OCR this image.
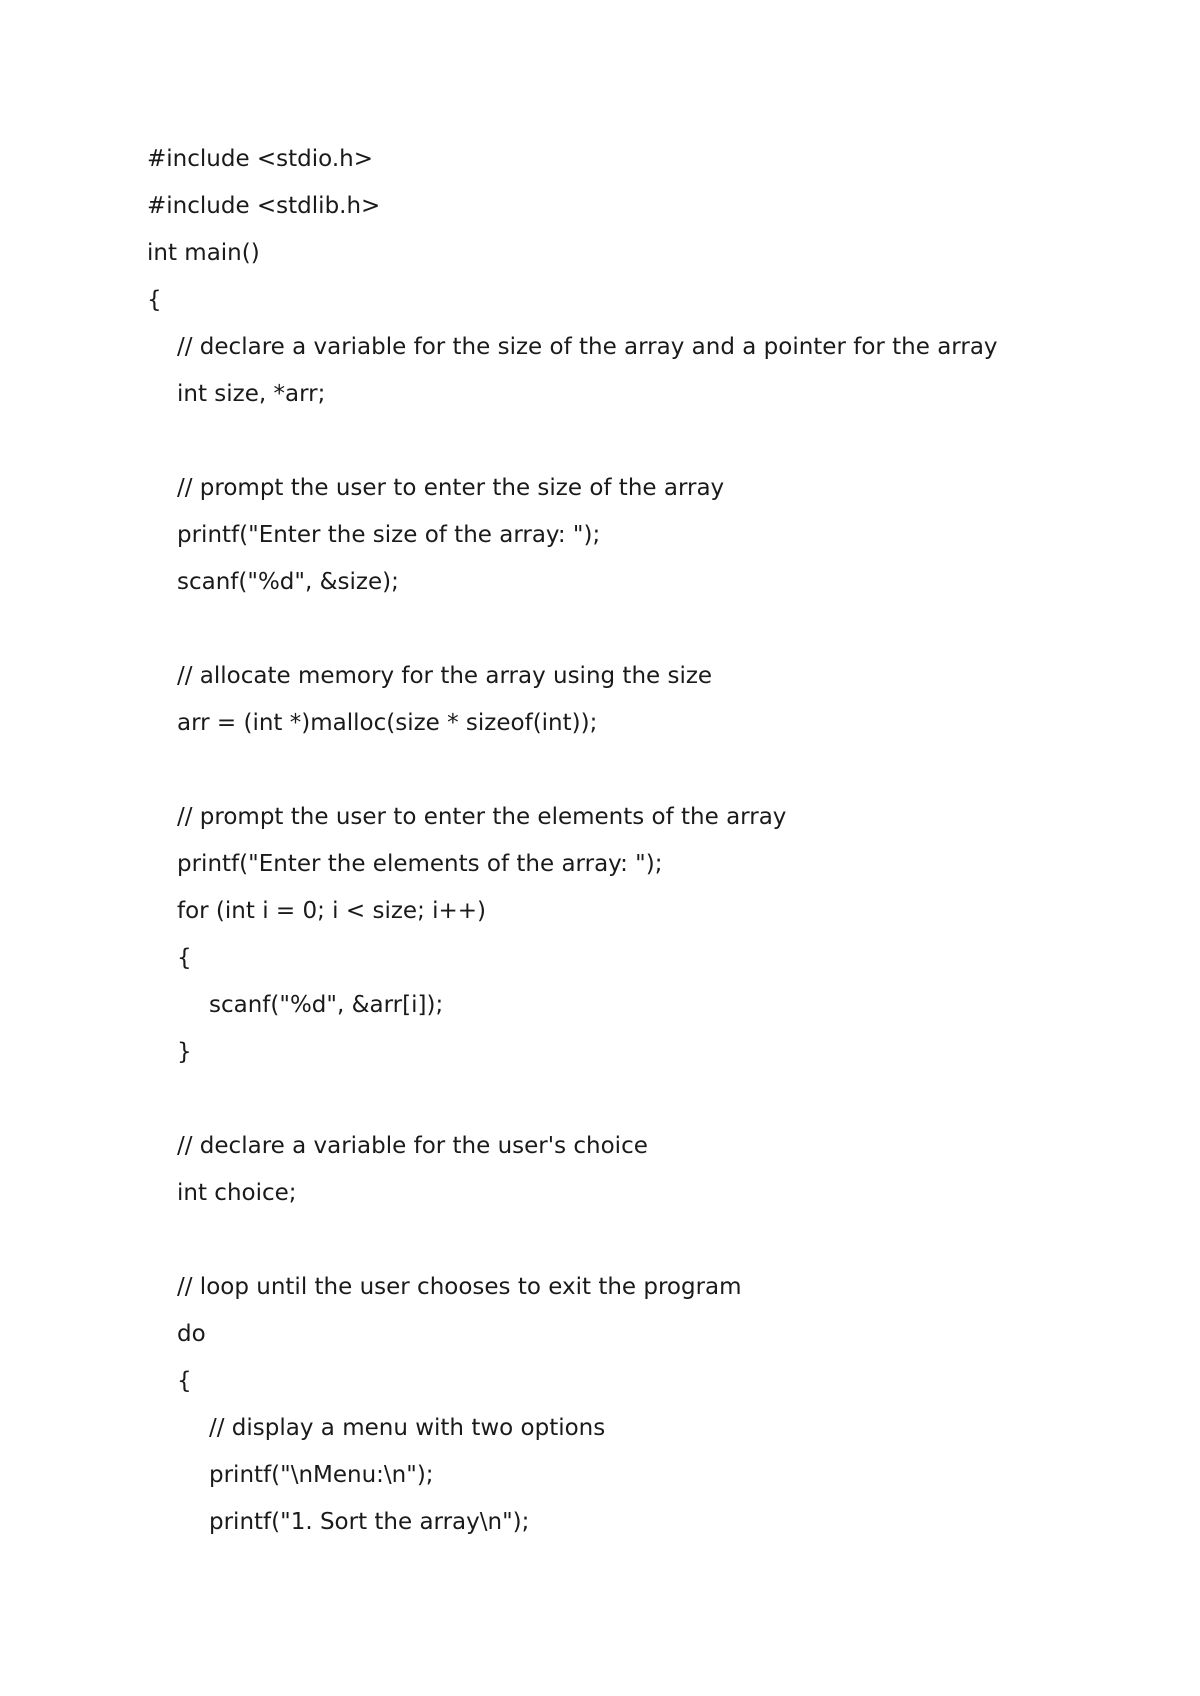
#include <stdio.h>
#include <stdlib.h>
int main()
{
// declare a variable for the size of the array and a pointer for the array
int size, *arr;
// prompt the user to enter the size of the array
printf("Enter the size of the array: ");
scanf("%d", &size);
// allocate memory for the array using the size
arr = (int *)malloc(size * sizeof(int));
// prompt the user to enter the elements of the array
printf("Enter the elements of the array: ");
for (int i = 0; i < size; i++)
{
scanf("%d", &arr[i]);
}
// declare a variable for the user's choice
int choice;
// loop until the user chooses to exit the program
do
{
// display a menu with two options
printf("\nMenu:\n");
printf("1. Sort the array\n");
